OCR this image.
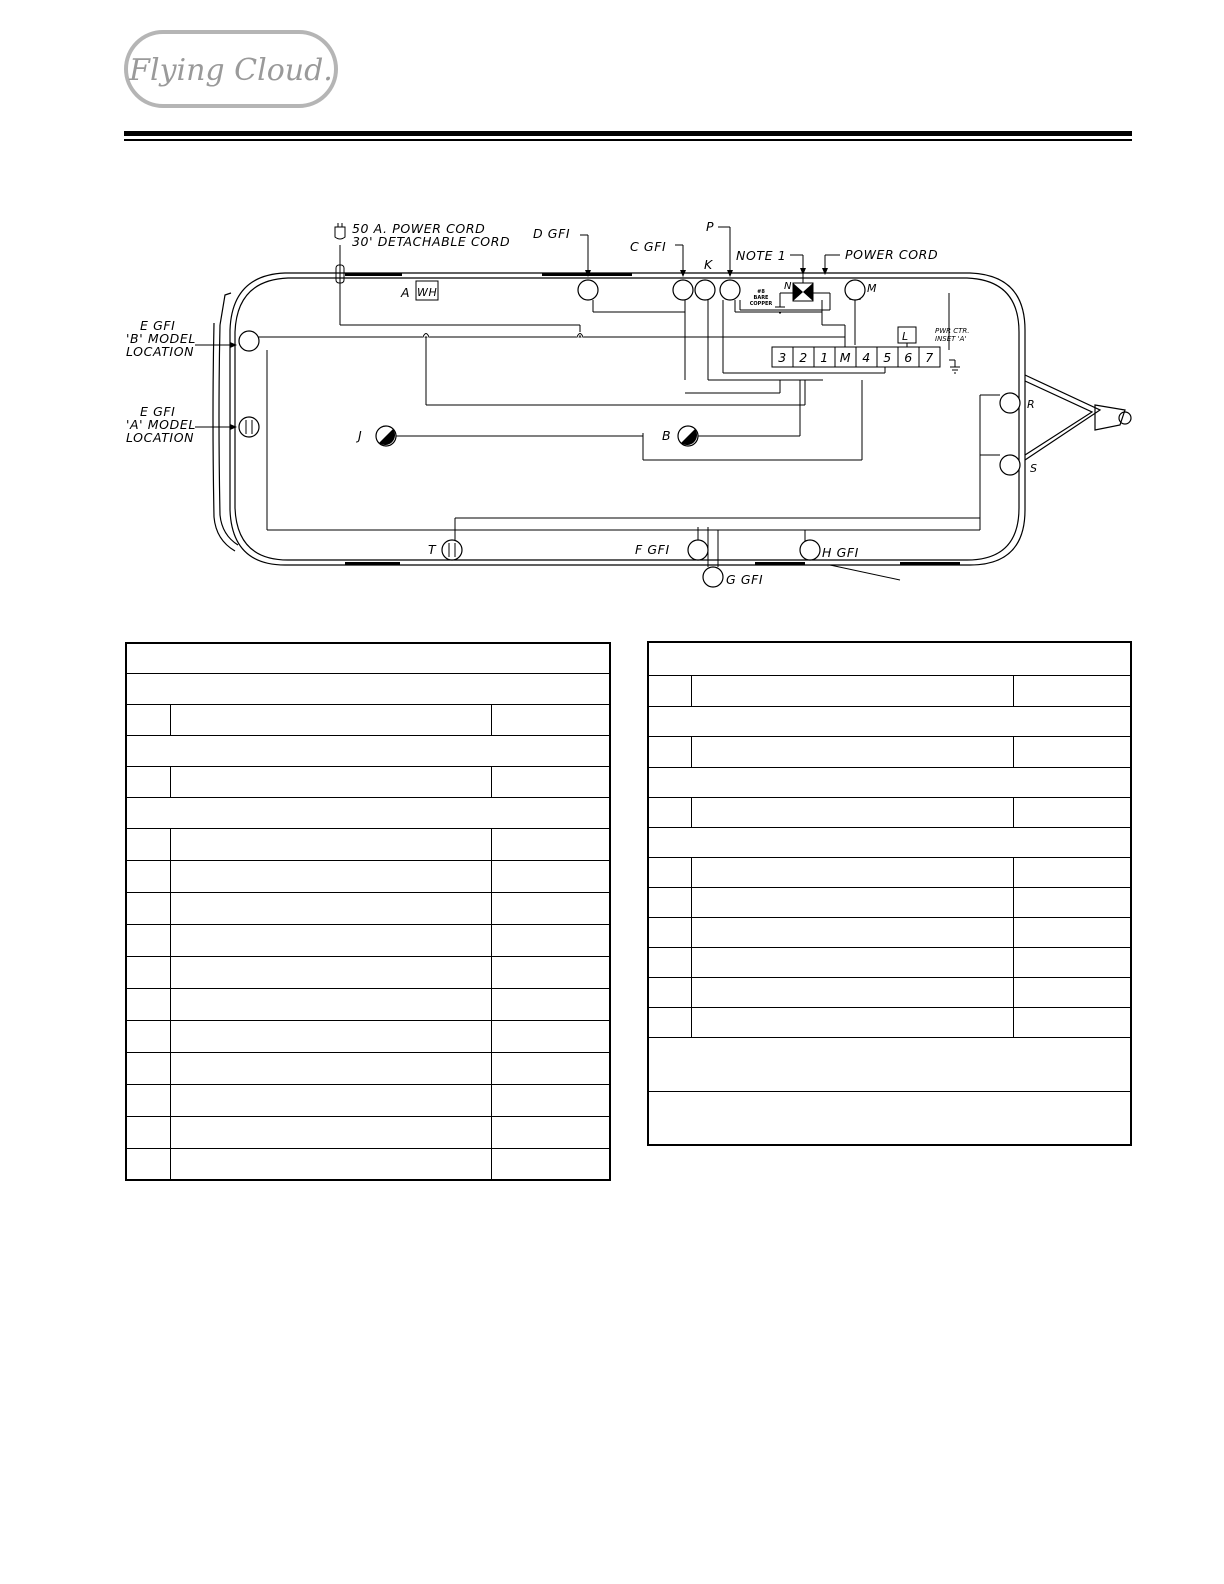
Flying Cloud.
3 2 1 M 4 5 6 7
50 A. POWER CORD
30' DETACHABLE CORD
D GFI
C GFI
P
K
NOTE 1	POWER CORD
A WH	N	M
E GFI
'B' MODEL
LOCATION
E GFI
'A' MODEL
LOCATION	J	B
L
R
S
T	F GFI	H GFI
G GFI
PWR CTR.
INSET 'A'
#8
BARE
COPPER
